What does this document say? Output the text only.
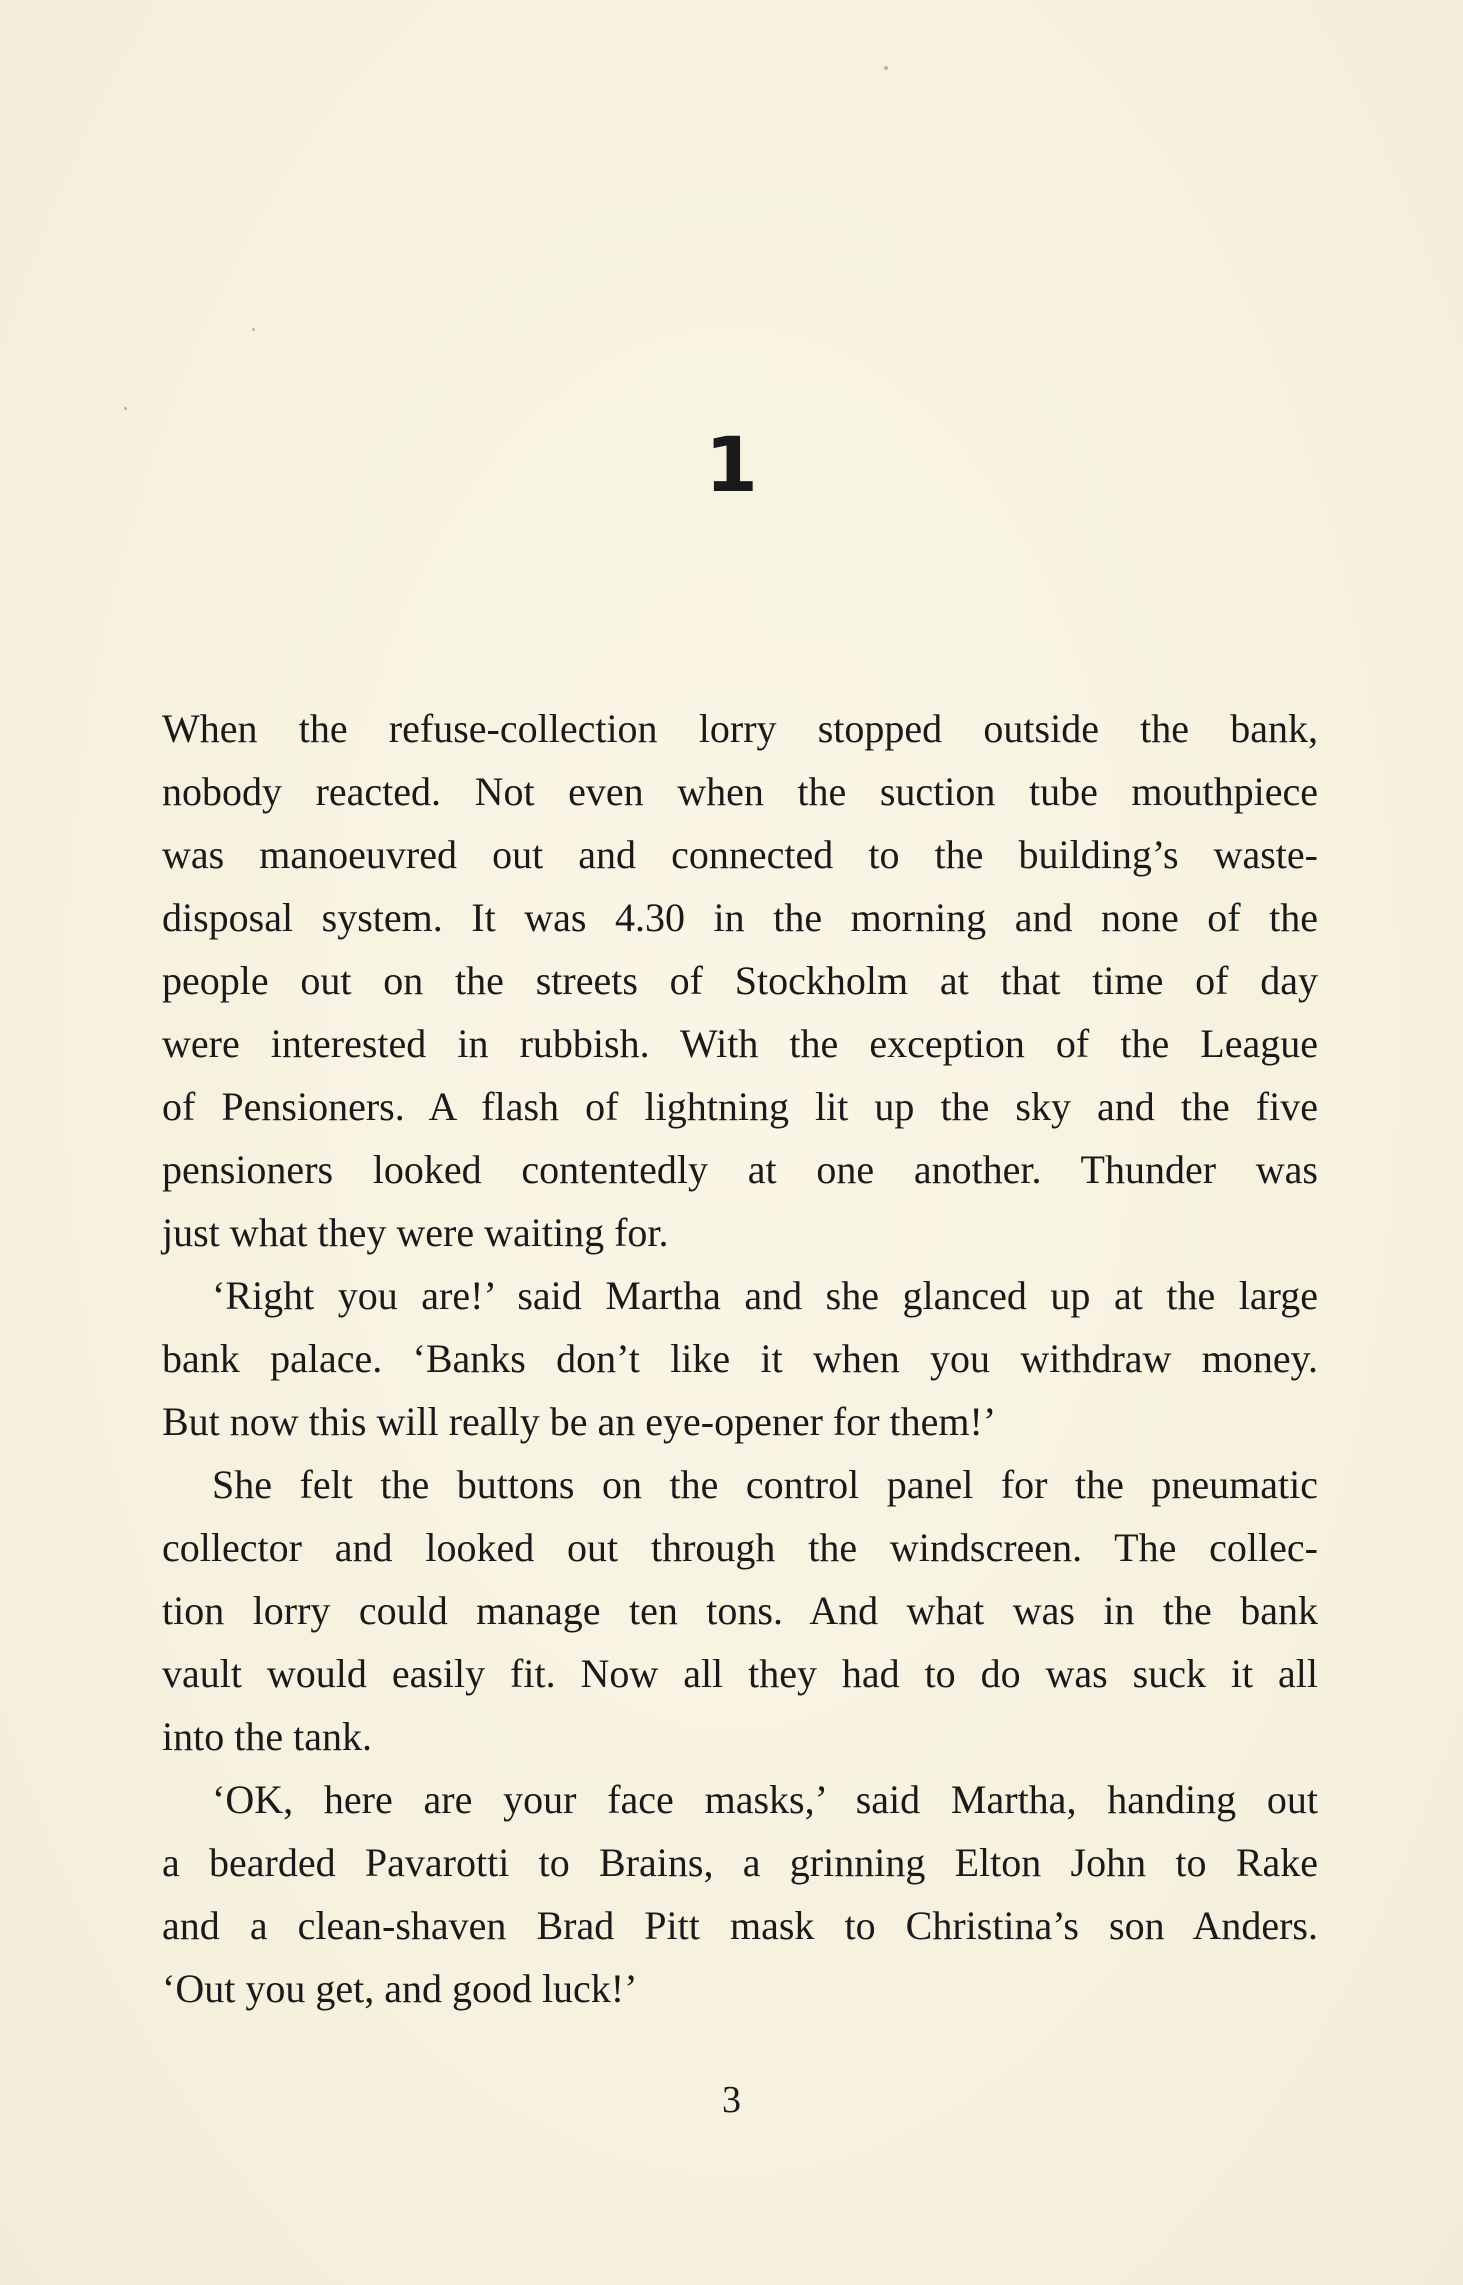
1

When the refuse-collection lorry stopped outside the bank,
nobody reacted. Not even when the suction tube mouthpiece
was manoeuvred out and connected to the building’s waste-
disposal system. It was 4.30 in the morning and none of the
people out on the streets of Stockholm at that time of day
were interested in rubbish. With the exception of the League
of Pensioners. A flash of lightning lit up the sky and the five
pensioners looked contentedly at one another. Thunder was
just what they were waiting for.

‘Right you are!’ said Martha and she glanced up at the large
bank palace. ‘Banks don’t like it when you withdraw money.
But now this will really be an eye-opener for them!’

She felt the buttons on the control panel for the pneumatic
collector and looked out through the windscreen. The collec-
tion lorry could manage ten tons. And what was in the bank
vault would easily fit. Now all they had to do was suck it all
into the tank.

‘OK, here are your face masks,’ said Martha, handing out
a bearded Pavarotti to Brains, a grinning Elton John to Rake
and a clean-shaven Brad Pitt mask to Christina’s son Anders.
‘Out you get, and good luck!’

3
